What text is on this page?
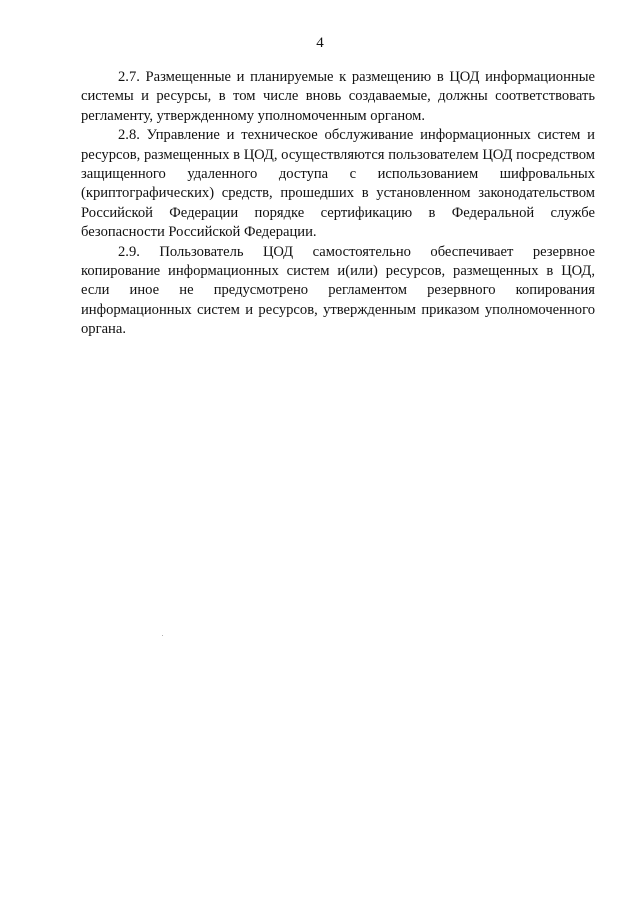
4

2.7. Размещенные и планируемые к размещению в ЦОД информационные системы и ресурсы, в том числе вновь создаваемые, должны соответствовать регламенту, утвержденному уполномоченным органом.

2.8. Управление и техническое обслуживание информационных систем и ресурсов, размещенных в ЦОД, осуществляются пользователем ЦОД посредством защищенного удаленного доступа с использованием шифровальных (криптографических) средств, прошедших в установленном законодательством Российской Федерации порядке сертификацию в Федеральной службе безопасности Российской Федерации.

2.9. Пользователь ЦОД самостоятельно обеспечивает резервное копирование информационных систем и(или) ресурсов, размещенных в ЦОД, если иное не предусмотрено регламентом резервного копирования информационных систем и ресурсов, утвержденным приказом уполномоченного органа.
